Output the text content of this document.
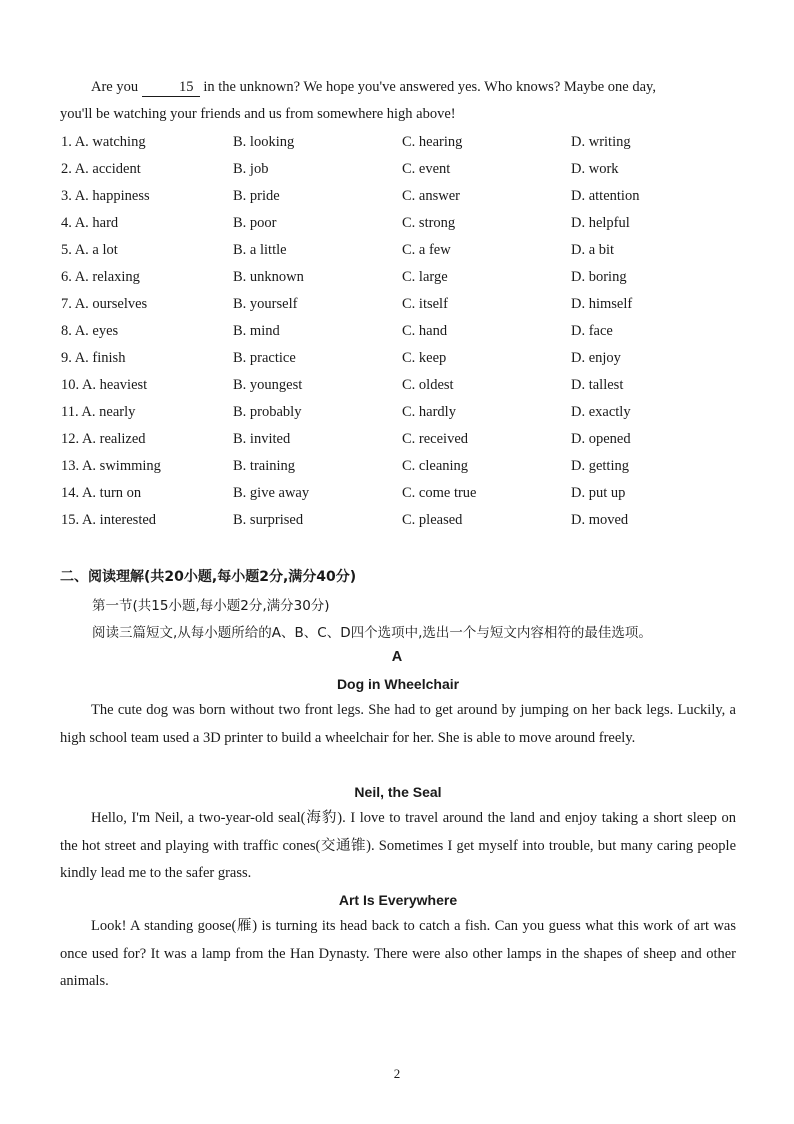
Are you	15 in the unknown? We hope you've answered yes. Who knows? Maybe one day,

you'll be watching your friends and us from somewhere high above!

1. A. watching	B. looking	C. hearing	D. writing
2. A. accident	B. job	C. event	D. work
3. A. happiness	B. pride	C. answer	D. attention
4. A. hard	B. poor	C. strong	D. helpful
5. A. a lot	B. a little	C. a few	D. a bit
6. A. relaxing	B. unknown	C. large	D. boring
7. A. ourselves	B. yourself	C. itself	D. himself
8. A. eyes	B. mind	C. hand	D. face
9. A. finish	B. practice	C. keep	D. enjoy
10. A. heaviest	B. youngest	C. oldest	D. tallest
11. A. nearly	B. probably	C. hardly	D. exactly
12. A. realized	B. invited	C. received	D. opened
13. A. swimming	B. training	C. cleaning	D. getting
14. A. turn on	B. give away	C. come true	D. put up
15. A. interested	B. surprised	C. pleased	D. moved
二、阅读理解(共20小题,每小题2分,满分40分)
第一节(共15小题,每小题2分,满分30分)
阅读三篇短文,从每小题所给的A、B、C、D四个选项中,选出一个与短文内容相符的最佳选项。
A
Dog in Wheelchair

The cute dog was born without two front legs. She had to get around by jumping on her back legs. Luckily, a high school team used a 3D printer to build a wheelchair for her. She is able to move around freely.

Neil, the Seal

Hello, I'm Neil, a two-year-old seal(海豹). I love to travel around the land and enjoy taking a short sleep on the hot street and playing with traffic cones(交通锥). Sometimes I get myself into trouble, but many caring people kindly lead me to the safer grass.

Art Is Everywhere

Look! A standing goose(雁) is turning its head back to catch a fish. Can you guess what this work of art was once used for? It was a lamp from the Han Dynasty. There were also other lamps in the shapes of sheep and other animals.

2
